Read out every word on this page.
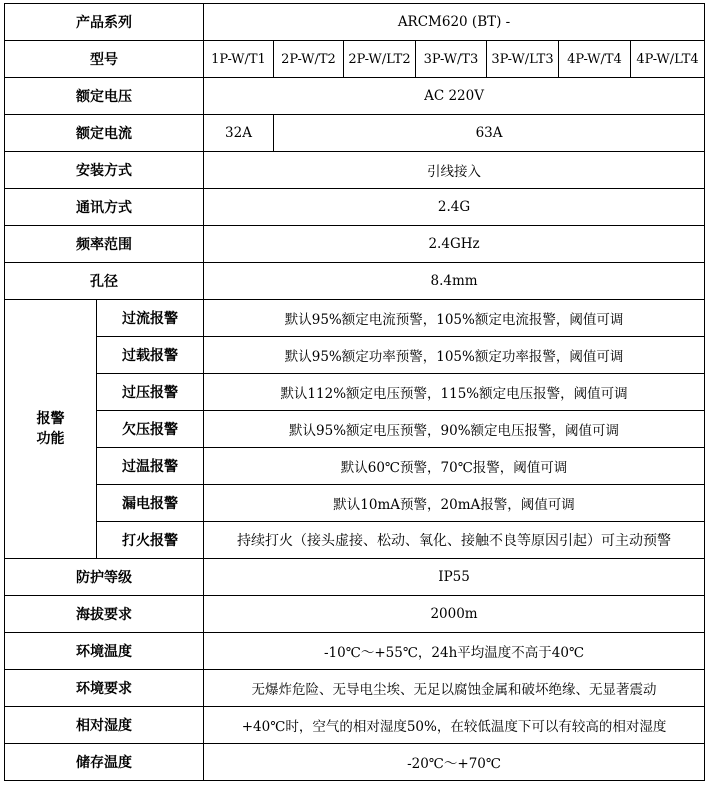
产品系列		ARCM620 (BT) -						
型号		1P-W/T1	2P-W/T2	2P-W/LT2	3P-W/T3	3P-W/LT3	4P-W/T4	4P-W/LT4
额定电压		AC 220V						
额定电流		32A	63A					
安装方式		引线接入						
通讯方式		2.4G						
频率范围		2.4GHz						
孔径		8.4mm						
报警
功能	过流报警	默认95%额定电流预警，105%额定电流报警，阈值可调						
	过载报警	默认95%额定功率预警，105%额定功率报警，阈值可调						
	过压报警	默认112%额定电压预警，115%额定电压报警，阈值可调						
	欠压报警	默认95%额定电压预警，90%额定电压报警，阈值可调						
	过温报警	默认60℃预警，70℃报警，阈值可调						
	漏电报警	默认10mA预警，20mA报警，阈值可调						
	打火报警	持续打火（接头虚接、松动、氧化、接触不良等原因引起）可主动预警						
防护等级		IP55						
海拔要求		2000m						
环境温度		-10℃～+55℃，24h平均温度不高于40℃						
环境要求		无爆炸危险、无导电尘埃、无足以腐蚀金属和破坏绝缘、无显著震动						
相对湿度		+40℃时，空气的相对湿度50%，在较低温度下可以有较高的相对湿度						
储存温度		-20℃～+70℃						
